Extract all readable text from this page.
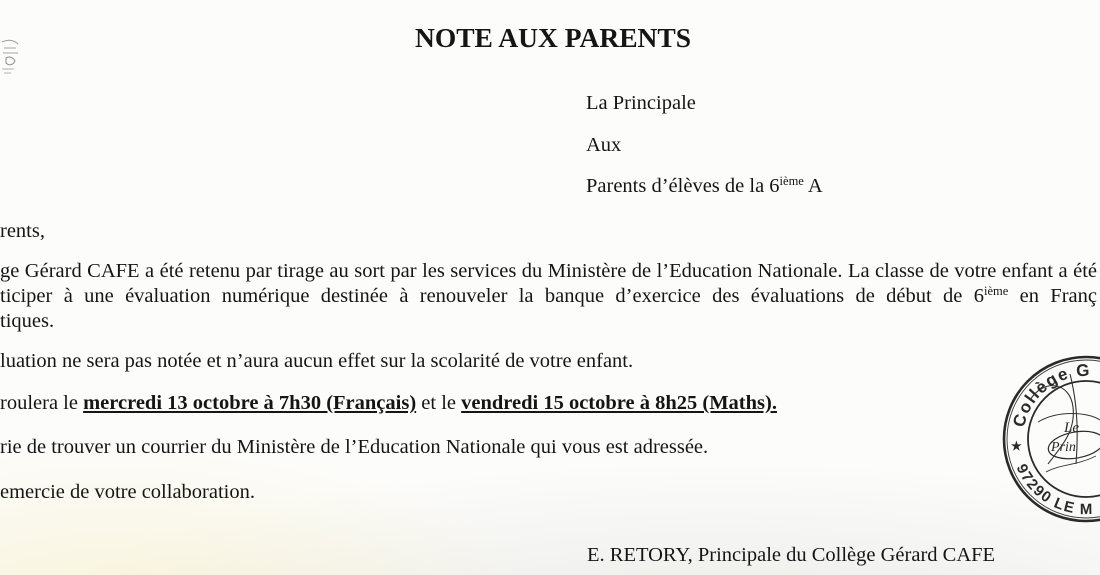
NOTE AUX PARENTS
La Principale
Aux
Parents d’élèves de la 6ième A
rents,
ge Gérard CAFE a été retenu par tirage au sort par les services du Ministère de l’Education Nationale. La classe de votre enfant a été
ticiper à une évaluation numérique destinée à renouveler la banque d’exercice des évaluations de début de 6ième en Franç
tiques.
luation ne sera pas notée et n’aura aucun effet sur la scolarité de votre enfant.
roulera le mercredi 13 octobre à 7h30 (Français) et le vendredi 15 octobre à 8h25 (Maths).
rie de trouver un courrier du Ministère de l’Education Nationale qui vous est adressée.
emercie de votre collaboration.
E. RETORY, Principale du Collège Gérard CAFE
Collège G
★
97290 LE M
Le
Prin
